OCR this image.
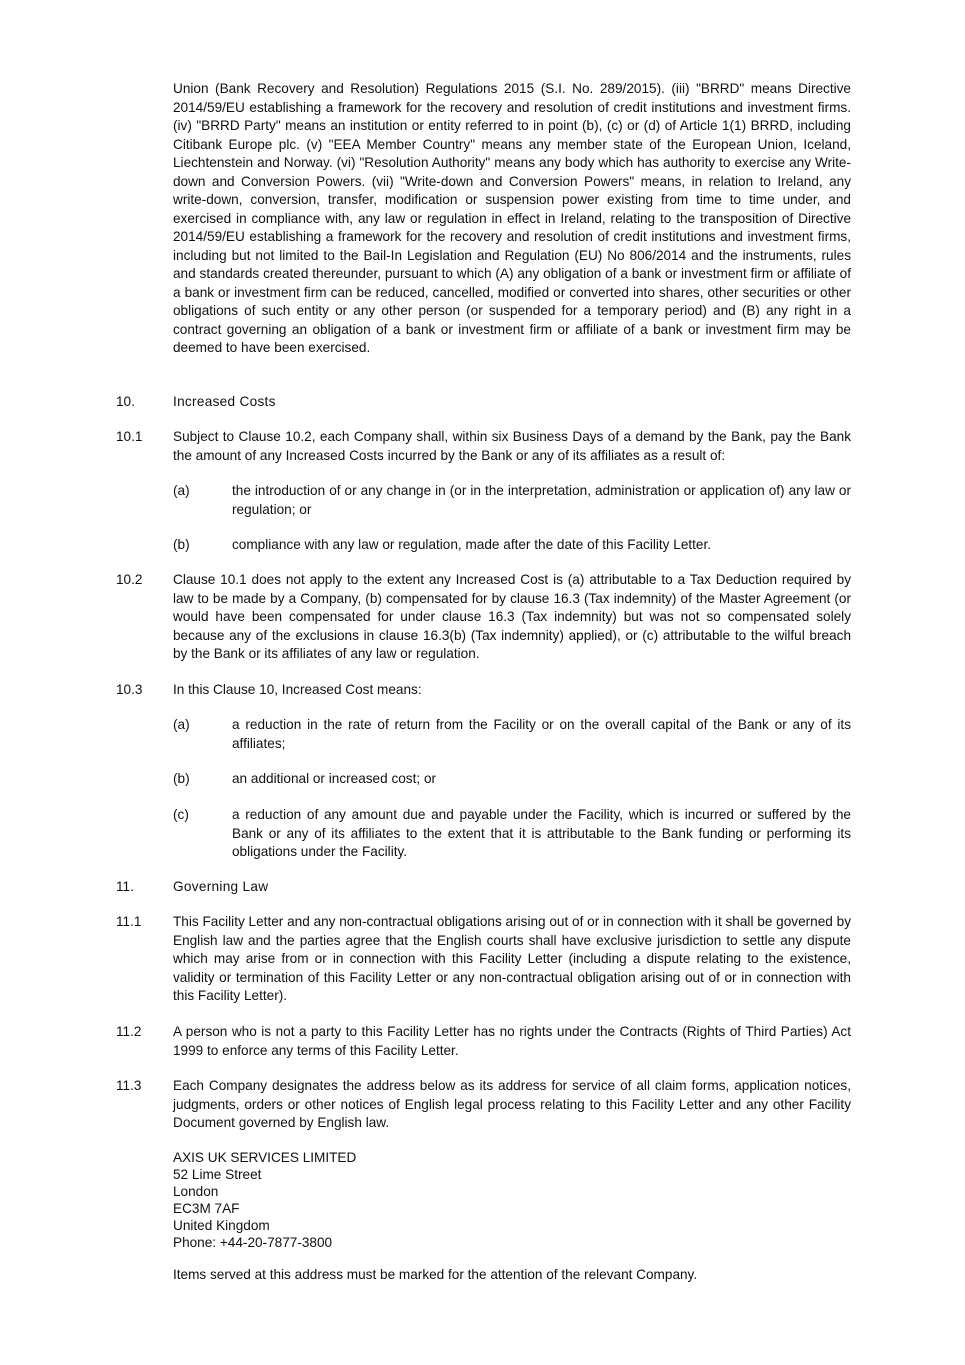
Union (Bank Recovery and Resolution) Regulations 2015 (S.I. No. 289/2015). (iii) "BRRD" means Directive 2014/59/EU establishing a framework for the recovery and resolution of credit institutions and investment firms. (iv) "BRRD Party" means an institution or entity referred to in point (b), (c) or (d) of Article 1(1) BRRD, including Citibank Europe plc. (v) "EEA Member Country" means any member state of the European Union, Iceland, Liechtenstein and Norway. (vi) "Resolution Authority" means any body which has authority to exercise any Write-down and Conversion Powers. (vii) "Write-down and Conversion Powers" means, in relation to Ireland, any write-down, conversion, transfer, modification or suspension power existing from time to time under, and exercised in compliance with, any law or regulation in effect in Ireland, relating to the transposition of Directive 2014/59/EU establishing a framework for the recovery and resolution of credit institutions and investment firms, including but not limited to the Bail-In Legislation and Regulation (EU) No 806/2014 and the instruments, rules and standards created thereunder, pursuant to which (A) any obligation of a bank or investment firm or affiliate of a bank or investment firm can be reduced, cancelled, modified or converted into shares, other securities or other obligations of such entity or any other person (or suspended for a temporary period) and (B) any right in a contract governing an obligation of a bank or investment firm or affiliate of a bank or investment firm may be deemed to have been exercised.

10.	Increased Costs
10.1 Subject to Clause 10.2, each Company shall, within six Business Days of a demand by the Bank, pay the Bank the amount of any Increased Costs incurred by the Bank or any of its affiliates as a result of:

(a)	the introduction of or any change in (or in the interpretation, administration or application of) any law or regulation; or

(b)	compliance with any law or regulation, made after the date of this Facility Letter.

10.2 Clause 10.1 does not apply to the extent any Increased Cost is (a) attributable to a Tax Deduction required by law to be made by a Company, (b) compensated for by clause 16.3 (Tax indemnity) of the Master Agreement (or would have been compensated for under clause 16.3 (Tax indemnity) but was not so compensated solely because any of the exclusions in clause 16.3(b) (Tax indemnity) applied), or (c) attributable to the wilful breach by the Bank or its affiliates of any law or regulation.

10.3 In this Clause 10, Increased Cost means:

(a)	a reduction in the rate of return from the Facility or on the overall capital of the Bank or any of its affiliates;

(b)	an additional or increased cost; or

(c)	a reduction of any amount due and payable under the Facility, which is incurred or suffered by the Bank or any of its affiliates to the extent that it is attributable to the Bank funding or performing its obligations under the Facility.

11.	Governing Law
11.1 This Facility Letter and any non-contractual obligations arising out of or in connection with it shall be governed by English law and the parties agree that the English courts shall have exclusive jurisdiction to settle any dispute which may arise from or in connection with this Facility Letter (including a dispute relating to the existence, validity or termination of this Facility Letter or any non-contractual obligation arising out of or in connection with this Facility Letter).

11.2 A person who is not a party to this Facility Letter has no rights under the Contracts (Rights of Third Parties) Act 1999 to enforce any terms of this Facility Letter.

11.3 Each Company designates the address below as its address for service of all claim forms, application notices, judgments, orders or other notices of English legal process relating to this Facility Letter and any other Facility Document governed by English law.

AXIS UK SERVICES LIMITED
52 Lime Street
London
EC3M 7AF
United Kingdom
Phone: +44-20-7877-3800

Items served at this address must be marked for the attention of the relevant Company.
